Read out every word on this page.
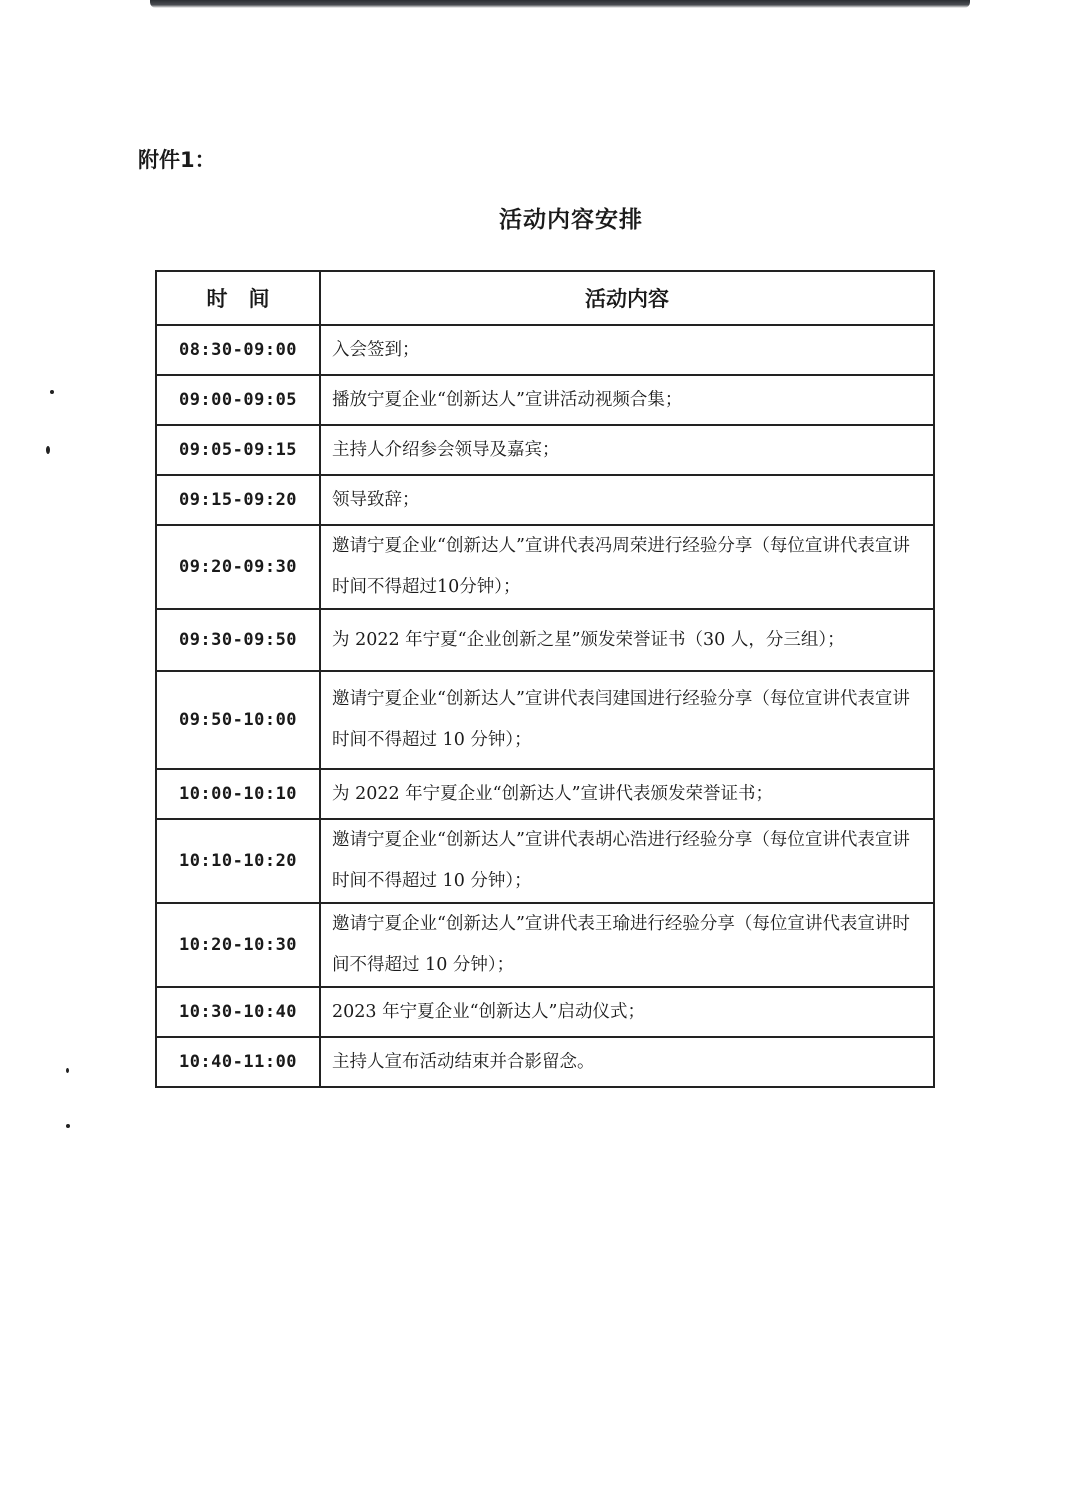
附件1：
活动内容安排
时　间	活动内容
08:30-09:00	入会签到；
09:00-09:05	播放宁夏企业“创新达人”宣讲活动视频合集；
09:05-09:15	主持人介绍参会领导及嘉宾；
09:15-09:20	领导致辞；
09:20-09:30	邀请宁夏企业“创新达人”宣讲代表冯周荣进行经验分享（每位宣讲代表宣讲时间不得超过10分钟）；
09:30-09:50	为 2022 年宁夏“企业创新之星”颁发荣誉证书（30 人，分三组）；
09:50-10:00	邀请宁夏企业“创新达人”宣讲代表闫建国进行经验分享（每位宣讲代表宣讲时间不得超过 10 分钟）；
10:00-10:10	为 2022 年宁夏企业“创新达人”宣讲代表颁发荣誉证书；
10:10-10:20	邀请宁夏企业“创新达人”宣讲代表胡心浩进行经验分享（每位宣讲代表宣讲时间不得超过 10 分钟）；
10:20-10:30	邀请宁夏企业“创新达人”宣讲代表王瑜进行经验分享（每位宣讲代表宣讲时间不得超过 10 分钟）；
10:30-10:40	2023 年宁夏企业“创新达人”启动仪式；
10:40-11:00	主持人宣布活动结束并合影留念。
